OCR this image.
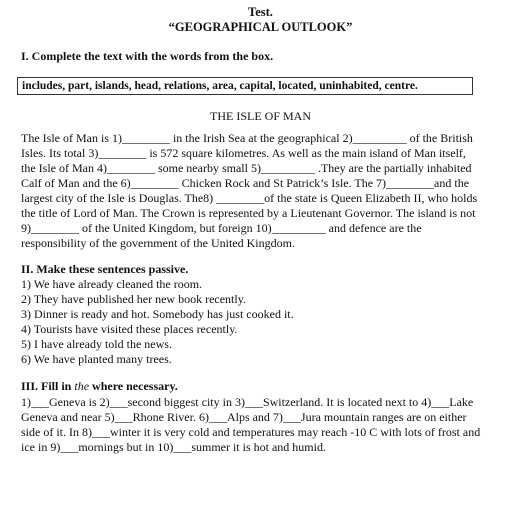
Test.
“GEOGRAPHICAL OUTLOOK”
I. Complete the text with the words from the box.
includes, part, islands, head, relations, area, capital, located, uninhabited, centre.
THE ISLE OF MAN
The Isle of Man is 1)________ in the Irish Sea at the geographical 2)_________ of the British
Isles. Its total 3)________ is 572 square kilometres. As well as the main island of Man itself,
the Isle of Man 4)________ some nearby small 5)_________ .They are the partially inhabited
Calf of Man and the 6)________ Chicken Rock and St Patrick’s Isle. The 7)________and the
largest city of the Isle is Douglas. The8) ________of the state is Queen Elizabeth II, who holds
the title of Lord of Man. The Crown is represented by a Lieutenant Governor. The island is not
9)________ of the United Kingdom, but foreign 10)_________ and defence are the
responsibility of the government of the United Kingdom.
II. Make these sentences passive.
1) We have already cleaned the room.
2) They have published her new book recently.
3) Dinner is ready and hot. Somebody has just cooked it.
4) Tourists have visited these places recently.
5) I have already told the news.
6) We have planted many trees.
III. Fill in the where necessary.
1)___Geneva is 2)___second biggest city in 3)___Switzerland. It is located next to 4)___Lake
Geneva and near 5)___Rhone River. 6)___Alps and 7)___Jura mountain ranges are on either
side of it. In 8)___winter it is very cold and temperatures may reach -10 C with lots of frost and
ice in 9)___mornings but in 10)___summer it is hot and humid.
